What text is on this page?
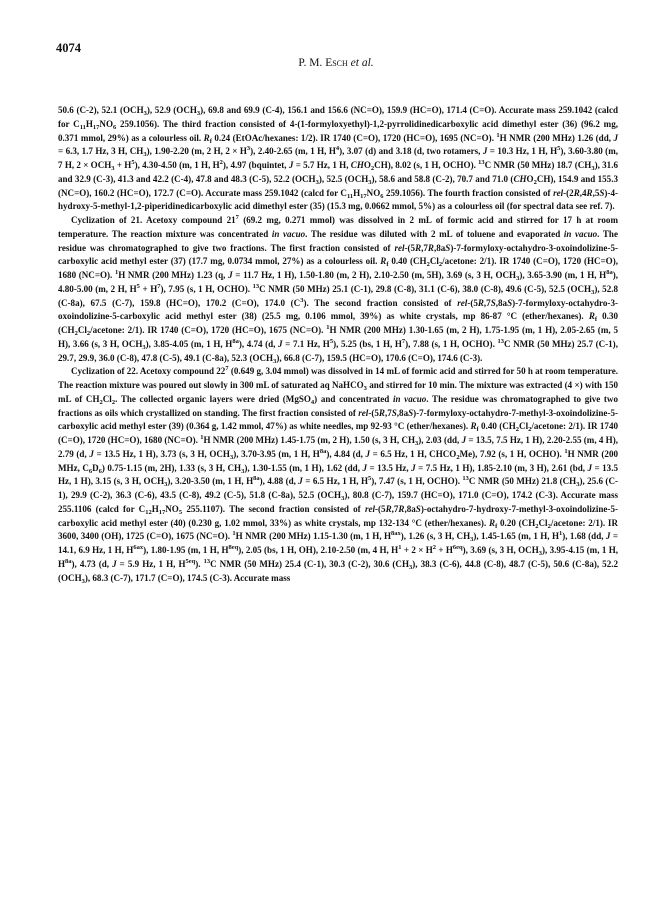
4074
P. M. Esch et al.

50.6 (C-2), 52.1 $(OCH_3)$, 52.9 $(OCH_3)$, 69.8 and 69.9 (C-4), 156.1 and 156.6 (NC=O), 159.9 (HC=O), 171.4 (C=O). Accurate mass 259.1042 (calcd for $C_{11}H_{17}NO_6$ 259.1056). The third fraction consisted of 4-(1-formyloxyethyl)-1,2-pyrrolidinedicarboxylic acid dimethyl ester (36) (96.2 mg, 0.371 mmol, 29%) as a colourless oil. $R_f$ 0.24 (EtOAc/hexanes: 1/2). IR 1740 (C=O), 1720 (HC=O), 1695 (NC=O). $^1$H NMR (200 MHz) 1.26 (dd, J = 6.3, 1.7 Hz, 3 H, $CH_3$), 1.90-2.20 (m, 2 H, $2 \times H^3$), 2.40-2.65 (m, 1 H, $H^4$), 3.07 (d) and 3.18 (d, two rotamers, J = 10.3 Hz, 1 H, $H^5$), 3.60-3.80 (m, 7 H, $2 \times OCH_3 + H^5$), 4.30-4.50 (m, 1 H, $H^2$), 4.97 (bquintet, J = 5.7 Hz, 1 H, $CHO_2CH$), 8.02 (s, 1 H, OCHO). $^{13}$C NMR (50 MHz) 18.7 $(CH_3)$, 31.6 and 32.9 (C-3), 41.3 and 42.2 (C-4), 47.8 and 48.3 (C-5), 52.2 $(OCH_3)$, 52.5 $(OCH_3)$, 58.6 and 58.8 (C-2), 70.7 and 71.0 $(CHO_2CH)$, 154.9 and 155.3 (NC=O), 160.2 (HC=O), 172.7 (C=O). Accurate mass 259.1042 (calcd for $C_{11}H_{17}NO_6$ 259.1056). The fourth fraction consisted of rel-(2R,4R,5S)-4-hydroxy-5-methyl-1,2-piperidinedicarboxylic acid dimethyl ester (35) (15.3 mg, 0.0662 mmol, 5%) as a colourless oil (for spectral data see ref. 7).

Cyclization of 21. Acetoxy compound $21^7$ (69.2 mg, 0.271 mmol) was dissolved in 2 mL of formic acid and stirred for 17 h at room temperature. The reaction mixture was concentrated in vacuo. The residue was diluted with 2 mL of toluene and evaporated in vacuo. The residue was chromatographed to give two fractions. The first fraction consisted of rel-(5R,7R,8aS)-7-formyloxy-octahydro-3-oxoindolizine-5-carboxylic acid methyl ester (37) (17.7 mg, 0.0734 mmol, 27%) as a colourless oil. $R_f$ 0.40 ($CH_2Cl_2$/acetone: 2/1). IR 1740 (C=O), 1720 (HC=O), 1680 (NC=O). $^1$H NMR (200 MHz) 1.23 (q, J = 11.7 Hz, 1 H), 1.50-1.80 (m, 2 H), 2.10-2.50 (m, 5H), 3.69 (s, 3 H, $OCH_3$), 3.65-3.90 (m, 1 H, $H^{8a}$), 4.80-5.00 (m, 2 H, $H^5 + H^7$), 7.95 (s, 1 H, OCHO). $^{13}$C NMR (50 MHz) 25.1 (C-1), 29.8 (C-8), 31.1 (C-6), 38.0 (C-8), 49.6 (C-5), 52.5 $(OCH_3)$, 52.8 (C-8a), 67.5 (C-7), 159.8 (HC=O), 170.2 (C=O), 174.0 $(C^3)$. The second fraction consisted of rel-(5R,7S,8aS)-7-formyloxy-octahydro-3-oxoindolizine-5-carboxylic acid methyl ester (38) (25.5 mg, 0.106 mmol, 39%) as white crystals, mp 86-87 °C (ether/hexanes). $R_f$ 0.30 ($CH_2Cl_2$/acetone: 2/1). IR 1740 (C=O), 1720 (HC=O), 1675 (NC=O). $^1$H NMR (200 MHz) 1.30-1.65 (m, 2 H), 1.75-1.95 (m, 1 H), 2.05-2.65 (m, 5 H), 3.66 (s, 3 H, $OCH_3$), 3.85-4.05 (m, 1 H, $H^{8a}$), 4.74 (d, J = 7.1 Hz, $H^5$), 5.25 (bs, 1 H, $H^7$), 7.88 (s, 1 H, OCHO). $^{13}$C NMR (50 MHz) 25.7 (C-1), 29.7, 29.9, 36.0 (C-8), 47.8 (C-5), 49.1 (C-8a), 52.3 $(OCH_3)$, 66.8 (C-7), 159.5 (HC=O), 170.6 (C=O), 174.6 (C-3).

Cyclization of 22. Acetoxy compound $22^7$ (0.649 g, 3.04 mmol) was dissolved in 14 mL of formic acid and stirred for 50 h at room temperature. The reaction mixture was poured out slowly in 300 mL of saturated aq NaHCO$_3$ and stirred for 10 min. The mixture was extracted (4 ×) with 150 mL of $CH_2Cl_2$. The collected organic layers were dried (MgSO$_4$) and concentrated in vacuo. The residue was chromatographed to give two fractions as oils which crystallized on standing. The first fraction consisted of rel-(5R,7S,8aS)-7-formyloxy-octahydro-7-methyl-3-oxoindolizine-5-carboxylic acid methyl ester (39) (0.364 g, 1.42 mmol, 47%) as white needles, mp 92-93 °C (ether/hexanes). $R_f$ 0.40 ($CH_2Cl_2$/acetone: 2/1). IR 1740 (C=O), 1720 (HC=O), 1680 (NC=O). $^1$H NMR (200 MHz) 1.45-1.75 (m, 2 H), 1.50 (s, 3 H, $CH_3$), 2.03 (dd, J = 13.5, 7.5 Hz, 1 H), 2.20-2.55 (m, 4 H), 2.79 (d, J = 13.5 Hz, 1 H), 3.73 (s, 3 H, $OCH_3$), 3.70-3.95 (m, 1 H, $H^{8a}$), 4.84 (d, J = 6.5 Hz, 1 H, $CHCO_2Me$), 7.92 (s, 1 H, OCHO). $^1$H NMR (200 MHz, $C_6D_6$) 0.75-1.15 (m, 2H), 1.33 (s, 3 H, $CH_3$), 1.30-1.55 (m, 1 H), 1.62 (dd, J = 13.5 Hz, J = 7.5 Hz, 1 H), 1.85-2.10 (m, 3 H), 2.61 (bd, J = 13.5 Hz, 1 H), 3.15 (s, 3 H, $OCH_3$), 3.20-3.50 (m, 1 H, $H^{8a}$), 4.88 (d, J = 6.5 Hz, 1 H, $H^5$), 7.47 (s, 1 H, OCHO). $^{13}$C NMR (50 MHz) 21.8 $(CH_3)$, 25.6 (C-1), 29.9 (C-2), 36.3 (C-6), 43.5 (C-8), 49.2 (C-5), 51.8 (C-8a), 52.5 $(OCH_3)$, 80.8 (C-7), 159.7 (HC=O), 171.0 (C=O), 174.2 (C-3). Accurate mass 255.1106 (calcd for $C_{12}H_{17}NO_5$ 255.1107). The second fraction consisted of rel-(5R,7R,8aS)-octahydro-7-hydroxy-7-methyl-3-oxoindolizine-5-carboxylic acid methyl ester (40) (0.230 g, 1.02 mmol, 33%) as white crystals, mp 132-134 °C (ether/hexanes). $R_f$ 0.20 ($CH_2Cl_2$/acetone: 2/1). IR 3600, 3400 (OH), 1725 (C=O), 1675 (NC=O). $^1$H NMR (200 MHz) 1.15-1.30 (m, 1 H, $H^{8ax}$), 1.26 (s, 3 H, $CH_3$), 1.45-1.65 (m, 1 H, $H^1$), 1.68 (dd, J = 14.1, 6.9 Hz, 1 H, $H^{6ax}$), 1.80-1.95 (m, 1 H, $H^{8eq}$), 2.05 (bs, 1 H, OH), 2.10-2.50 (m, 4 H, $H^1 + 2 \times H^2 + H^{6eq}$), 3.69 (s, 3 H, $OCH_3$), 3.95-4.15 (m, 1 H, $H^{8a}$), 4.73 (d, J = 5.9 Hz, 1 H, $H^{5eq}$). $^{13}$C NMR (50 MHz) 25.4 (C-1), 30.3 (C-2), 30.6 $(CH_3)$, 38.3 (C-6), 44.8 (C-8), 48.7 (C-5), 50.6 (C-8a), 52.2 $(OCH_3)$, 68.3 (C-7), 171.7 (C=O), 174.5 (C-3). Accurate mass
